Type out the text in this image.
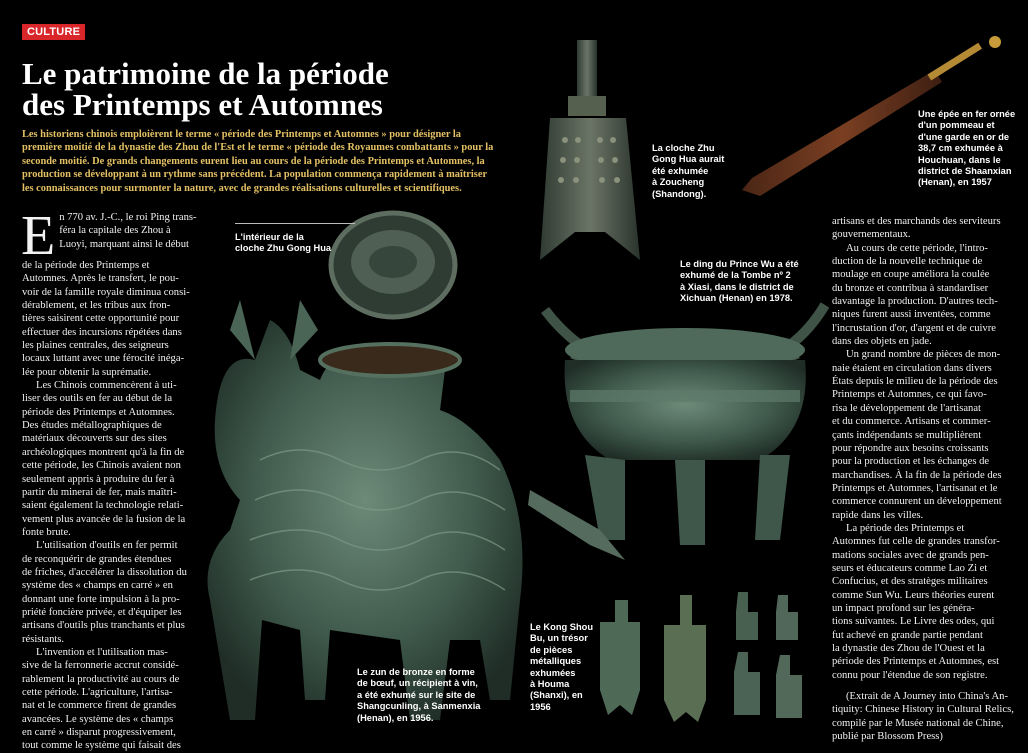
CULTURE
Le patrimoine de la période
des Printemps et Automnes

Les historiens chinois emploièrent le terme « période des Printemps et Automnes » pour désigner la
première moitié de la dynastie des Zhou de l'Est et le terme « période des Royaumes combattants » pour la
seconde moitié. De grands changements eurent lieu au cours de la période des Printemps et Automnes, la
production se développant à un rythme sans précédent. La population commença rapidement à maîtriser
les connaissances pour surmonter la nature, avec de grandes réalisations culturelles et scientifiques.

E n 770 av. J.-C., le roi Ping trans-
féra la capitale des Zhou à
Luoyi, marquant ainsi le début
de la période des Printemps et
Automnes. Après le transfert, le pou-
voir de la famille royale diminua consi-
dérablement, et les tribus aux fron-
tières saisirent cette opportunité pour
effectuer des incursions répétées dans
les plaines centrales, des seigneurs
locaux luttant avec une férocité inéga-
lée pour obtenir la suprématie.
Les Chinois commencèrent à uti-
liser des outils en fer au début de la
période des Printemps et Automnes.
Des études métallographiques de
matériaux découverts sur des sites
archéologiques montrent qu'à la fin de
cette période, les Chinois avaient non
seulement appris à produire du fer à
partir du minerai de fer, mais maîtri-
saient également la technologie relati-
vement plus avancée de la fusion de la
fonte brute.
L'utilisation d'outils en fer permit
de reconquérir de grandes étendues
de friches, d'accélérer la dissolution du
système des « champs en carré » en
donnant une forte impulsion à la pro-
priété foncière privée, et d'équiper les
artisans d'outils plus tranchants et plus
résistants.
L'invention et l'utilisation mas-
sive de la ferronnerie accrut considé-
rablement la productivité au cours de
cette période. L'agriculture, l'artisa-
nat et le commerce firent de grandes
avancées. Le système des « champs
en carré » disparut progressivement,
tout comme le système qui faisait des
artisans et des marchands des serviteurs
gouvernementaux.
Au cours de cette période, l'intro-
duction de la nouvelle technique de
moulage en coupe améliora la coulée
du bronze et contribua à standardiser
davantage la production. D'autres tech-
niques furent aussi inventées, comme
l'incrustation d'or, d'argent et de cuivre
dans des objets en jade.
Un grand nombre de pièces de mon-
naie étaient en circulation dans divers
États depuis le milieu de la période des
Printemps et Automnes, ce qui favo-
risa le développement de l'artisanat
et du commerce. Artisans et commer-
çants indépendants se multiplièrent
pour répondre aux besoins croissants
pour la production et les échanges de
marchandises. À la fin de la période des
Printemps et Automnes, l'artisanat et le
commerce connurent un développement
rapide dans les villes.
La période des Printemps et
Automnes fut celle de grandes transfor-
mations sociales avec de grands pen-
seurs et éducateurs comme Lao Zi et
Confucius, et des stratèges militaires
comme Sun Wu. Leurs théories eurent
un impact profond sur les généra-
tions suivantes. Le Livre des odes, qui
fut achevé en grande partie pendant
la dynastie des Zhou de l'Ouest et la
période des Printemps et Automnes, est
connu pour l'étendue de son registre.
(Extrait de A Journey into China's An-
tiquity: Chinese History in Cultural Relics,
compilé par le Musée national de Chine,
publié par Blossom Press)
La cloche Zhu
Gong Hua aurait
été exhumée
à Zoucheng
(Shandong).
L'intérieur de la
cloche Zhu Gong Hua
Une épée en fer ornée
d'un pommeau et
d'une garde en or de
38,7 cm exhumée à
Houchuan, dans le
district de Shaanxian
(Henan), en 1957
Le ding du Prince Wu a été
exhumé de la Tombe nº 2
à Xiasi, dans le district de
Xichuan (Henan) en 1978.
Le zun de bronze en forme
de bœuf, un récipient à vin,
a été exhumé sur le site de
Shangcunling, à Sanmenxia
(Henan), en 1956.
Le Kong Shou
Bu, un trésor
de pièces
métalliques
exhumées
à Houma
(Shanxi), en
1956
